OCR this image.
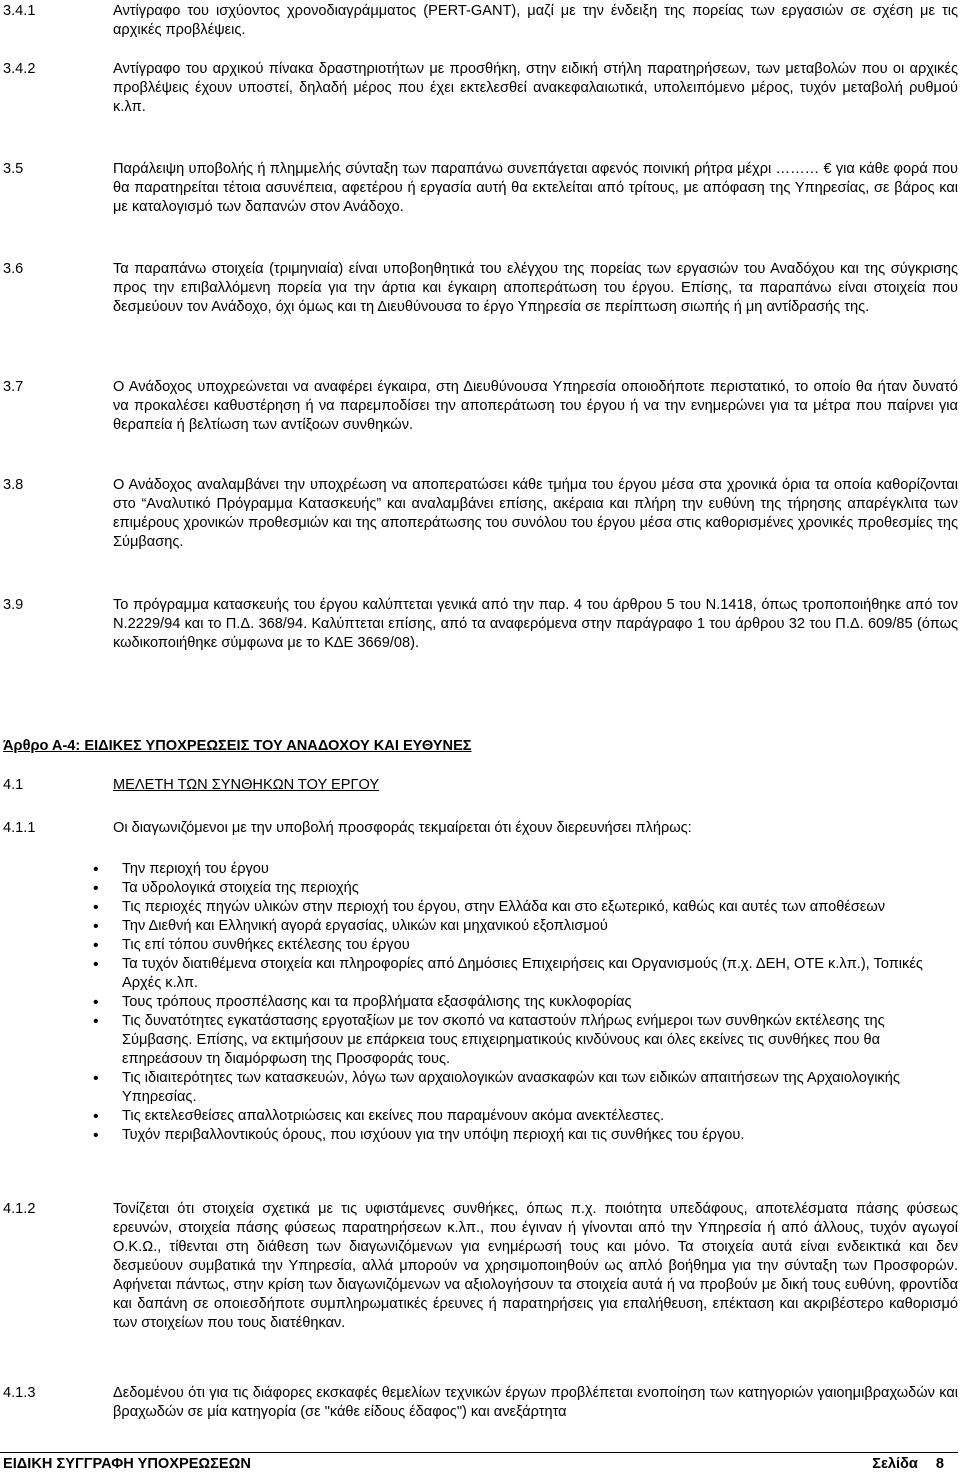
3.4.1	Αντίγραφο του ισχύοντος χρονοδιαγράμματος (PERT-GANT), μαζί με την ένδειξη της πορείας των εργασιών σε σχέση με τις αρχικές προβλέψεις.
3.4.2	Αντίγραφο του αρχικού πίνακα δραστηριοτήτων με προσθήκη, στην ειδική στήλη παρατηρήσεων, των μεταβολών που οι αρχικές προβλέψεις έχουν υποστεί, δηλαδή μέρος που έχει εκτελεσθεί ανακεφαλαιωτικά, υπολειπόμενο μέρος, τυχόν μεταβολή ρυθμού κ.λπ.
3.5	Παράλειψη υποβολής ή πλημμελής σύνταξη των παραπάνω συνεπάγεται αφενός ποινική ρήτρα μέχρι ……… € για κάθε φορά που θα παρατηρείται τέτοια ασυνέπεια, αφετέρου ή εργασία αυτή θα εκτελείται από τρίτους, με απόφαση της Υπηρεσίας, σε βάρος και με καταλογισμό των δαπανών στον Ανάδοχο.
3.6	Τα παραπάνω στοιχεία (τριμηνιαία) είναι υποβοηθητικά του ελέγχου της πορείας των εργασιών του Αναδόχου και της σύγκρισης προς την επιβαλλόμενη πορεία για την άρτια και έγκαιρη αποπεράτωση του έργου. Επίσης, τα παραπάνω είναι στοιχεία που δεσμεύουν τον Ανάδοχο, όχι όμως και τη Διευθύνουσα το έργο Υπηρεσία σε περίπτωση σιωπής ή μη αντίδρασής της.
3.7	Ο Ανάδοχος υποχρεώνεται να αναφέρει έγκαιρα, στη Διευθύνουσα Υπηρεσία οποιοδήποτε περιστατικό, το οποίο θα ήταν δυνατό να προκαλέσει καθυστέρηση ή να παρεμποδίσει την αποπεράτωση του έργου ή να την ενημερώνει για τα μέτρα που παίρνει για θεραπεία ή βελτίωση των αντίξοων συνθηκών.
3.8	Ο Ανάδοχος αναλαμβάνει την υποχρέωση να αποπερατώσει κάθε τμήμα του έργου μέσα στα χρονικά όρια τα οποία καθορίζονται στο “Αναλυτικό Πρόγραμμα Κατασκευής” και αναλαμβάνει επίσης, ακέραια και πλήρη την ευθύνη της τήρησης απαρέγκλιτα των επιμέρους χρονικών προθεσμιών και της αποπεράτωσης του συνόλου του έργου μέσα στις καθορισμένες χρονικές προθεσμίες της Σύμβασης.
3.9	Το πρόγραμμα κατασκευής του έργου καλύπτεται γενικά από την παρ. 4 του άρθρου 5 του Ν.1418, όπως τροποποιήθηκε από τον Ν.2229/94 και το Π.Δ. 368/94. Καλύπτεται επίσης, από τα αναφερόμενα στην παράγραφο 1 του άρθρου 32 του Π.Δ. 609/85 (όπως κωδικοποιήθηκε σύμφωνα με το ΚΔΕ 3669/08).
Άρθρο Α-4: ΕΙΔΙΚΕΣ ΥΠΟΧΡΕΩΣΕΙΣ ΤΟΥ ΑΝΑΔΟΧΟΥ ΚΑΙ ΕΥΘΥΝΕΣ
4.1	ΜΕΛΕΤΗ ΤΩΝ ΣΥΝΘΗΚΩΝ ΤΟΥ ΕΡΓΟΥ
4.1.1	Οι διαγωνιζόμενοι με την υποβολή προσφοράς τεκμαίρεται ότι έχουν διερευνήσει πλήρως:
• Την περιοχή του έργου
• Τα υδρολογικά στοιχεία της περιοχής
• Τις περιοχές πηγών υλικών στην περιοχή του έργου, στην Ελλάδα και στο εξωτερικό, καθώς και αυτές των αποθέσεων
• Την Διεθνή και Ελληνική αγορά εργασίας, υλικών και μηχανικού εξοπλισμού
• Τις επί τόπου συνθήκες εκτέλεσης του έργου
• Τα τυχόν διατιθέμενα στοιχεία και πληροφορίες από Δημόσιες Επιχειρήσεις και Οργανισμούς (π.χ. ΔΕΗ, ΟΤΕ κ.λπ.), Τοπικές Αρχές κ.λπ.
• Τους τρόπους προσπέλασης και τα προβλήματα εξασφάλισης της κυκλοφορίας
• Τις δυνατότητες εγκατάστασης εργοταξίων με τον σκοπό να καταστούν πλήρως ενήμεροι των συνθηκών εκτέλεσης της Σύμβασης. Επίσης, να εκτιμήσουν με επάρκεια τους επιχειρηματικούς κινδύνους και όλες εκείνες τις συνθήκες που θα επηρεάσουν τη διαμόρφωση της Προσφοράς τους.
• Τις ιδιαιτερότητες των κατασκευών, λόγω των αρχαιολογικών ανασκαφών και των ειδικών απαιτήσεων της Αρχαιολογικής Υπηρεσίας.
• Τις εκτελεσθείσες απαλλοτριώσεις και εκείνες που παραμένουν ακόμα ανεκτέλεστες.
• Τυχόν περιβαλλοντικούς όρους, που ισχύουν για την υπόψη περιοχή και τις συνθήκες του έργου.
4.1.2	Τονίζεται ότι στοιχεία σχετικά με τις υφιστάμενες συνθήκες, όπως π.χ. ποιότητα υπεδάφους, αποτελέσματα πάσης φύσεως ερευνών, στοιχεία πάσης φύσεως παρατηρήσεων κ.λπ., που έγιναν ή γίνονται από την Υπηρεσία ή από άλλους, τυχόν αγωγοί Ο.Κ.Ω., τίθενται στη διάθεση των διαγωνιζόμενων για ενημέρωσή τους και μόνο. Τα στοιχεία αυτά είναι ενδεικτικά και δεν δεσμεύουν συμβατικά την Υπηρεσία, αλλά μπορούν να χρησιμοποιηθούν ως απλό βοήθημα για την σύνταξη των Προσφορών. Αφήνεται πάντως, στην κρίση των διαγωνιζόμενων να αξιολογήσουν τα στοιχεία αυτά ή να προβούν με δική τους ευθύνη, φροντίδα και δαπάνη σε οποιεσδήποτε συμπληρωματικές έρευνες ή παρατηρήσεις για επαλήθευση, επέκταση και ακριβέστερο καθορισμό των στοιχείων που τους διατέθηκαν.
4.1.3	Δεδομένου ότι για τις διάφορες εκσκαφές θεμελίων τεχνικών έργων προβλέπεται ενοποίηση των κατηγοριών γαιοημιβραχωδών και βραχωδών σε μία κατηγορία (σε "κάθε είδους έδαφος") και ανεξάρτητα
ΕΙΔΙΚΗ ΣΥΓΓΡΑΦΗ ΥΠΟΧΡΕΩΣΕΩΝ	Σελίδα 8
